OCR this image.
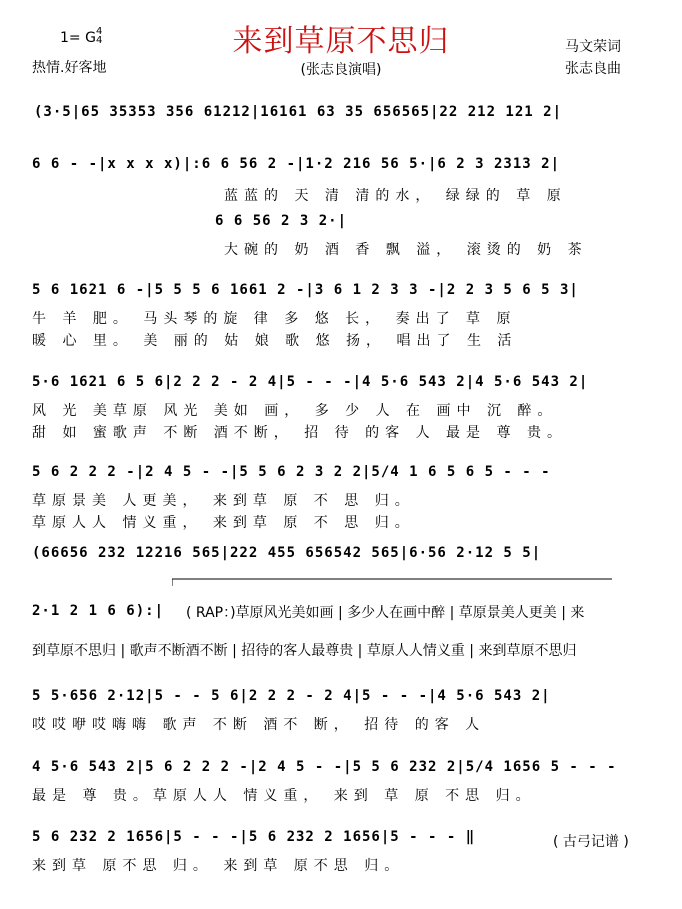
来到草原不思归
1= G 4
4
热情.好客地	(张志良演唱)
马文荣词
张志良曲
(3·5|65 35353 356 61212|16161 63 35 656565|22 212 121 2|
6 6 - -|x x x x)|:6 6 56 2 -|1·2 216 56 5·|6 2 3 2313 2|
蓝蓝的 天 清 清的水， 绿绿的 草 原
6 6 56 2 3 2·|
大碗的 奶 酒 香 飘 溢， 滚烫的 奶 茶
5 6 1621 6 -|5 5 5 6 1661 2 -|3 6 1 2 3 3 -|2 2 3 5 6 5 3|
牛 羊 肥。 马头琴的旋 律 多 悠 长， 奏出了 草 原
暖 心 里。 美 丽的 姑 娘 歌 悠 扬， 唱出了 生 活
5·6 1621 6 5 6|2 2 2 - 2 4|5 - - -|4 5·6 543 2|4 5·6 543 2|
风 光 美草原 风光 美如 画， 多 少 人 在 画中 沉 醉。
甜 如 蜜歌声 不断 酒不断， 招 待 的客 人 最是 尊 贵。
5 6 2 2 2 -|2 4 5 - -|5 5 6 2 3 2 2|5/4 1 6 5 6 5 - - -
草原景美 人更美， 来到草 原 不 思 归。
草原人人 情义重， 来到草 原 不 思 归。
(66656 232 12216 565|222 455 656542 565|6·56 2·12 5 5|
2·1 2 1 6 6):| ( RAP：)草原风光美如画 | 多少人在画中醉 | 草原景美人更美 | 来
到草原不思归 | 歌声不断酒不断 | 招待的客人最尊贵 | 草原人人情义重 | 来到草原不思归
5 5·656 2·12|5 - - 5 6|2 2 2 - 2 4|5 - - -|4 5·6 543 2|
哎哎咿哎嗨嗨 歌声 不断 酒不 断， 招待 的客 人
4 5·6 543 2|5 6 2 2 2 -|2 4 5 - -|5 5 6 232 2|5/4 1656 5 - - -
最是 尊 贵。草原人人 情义重， 来到 草 原 不思 归。
5 6 232 2 1656|5 - - -|5 6 232 2 1656|5 - - - ‖
来到草 原不思 归。 来到草 原不思 归。
( 古弓记谱 )
